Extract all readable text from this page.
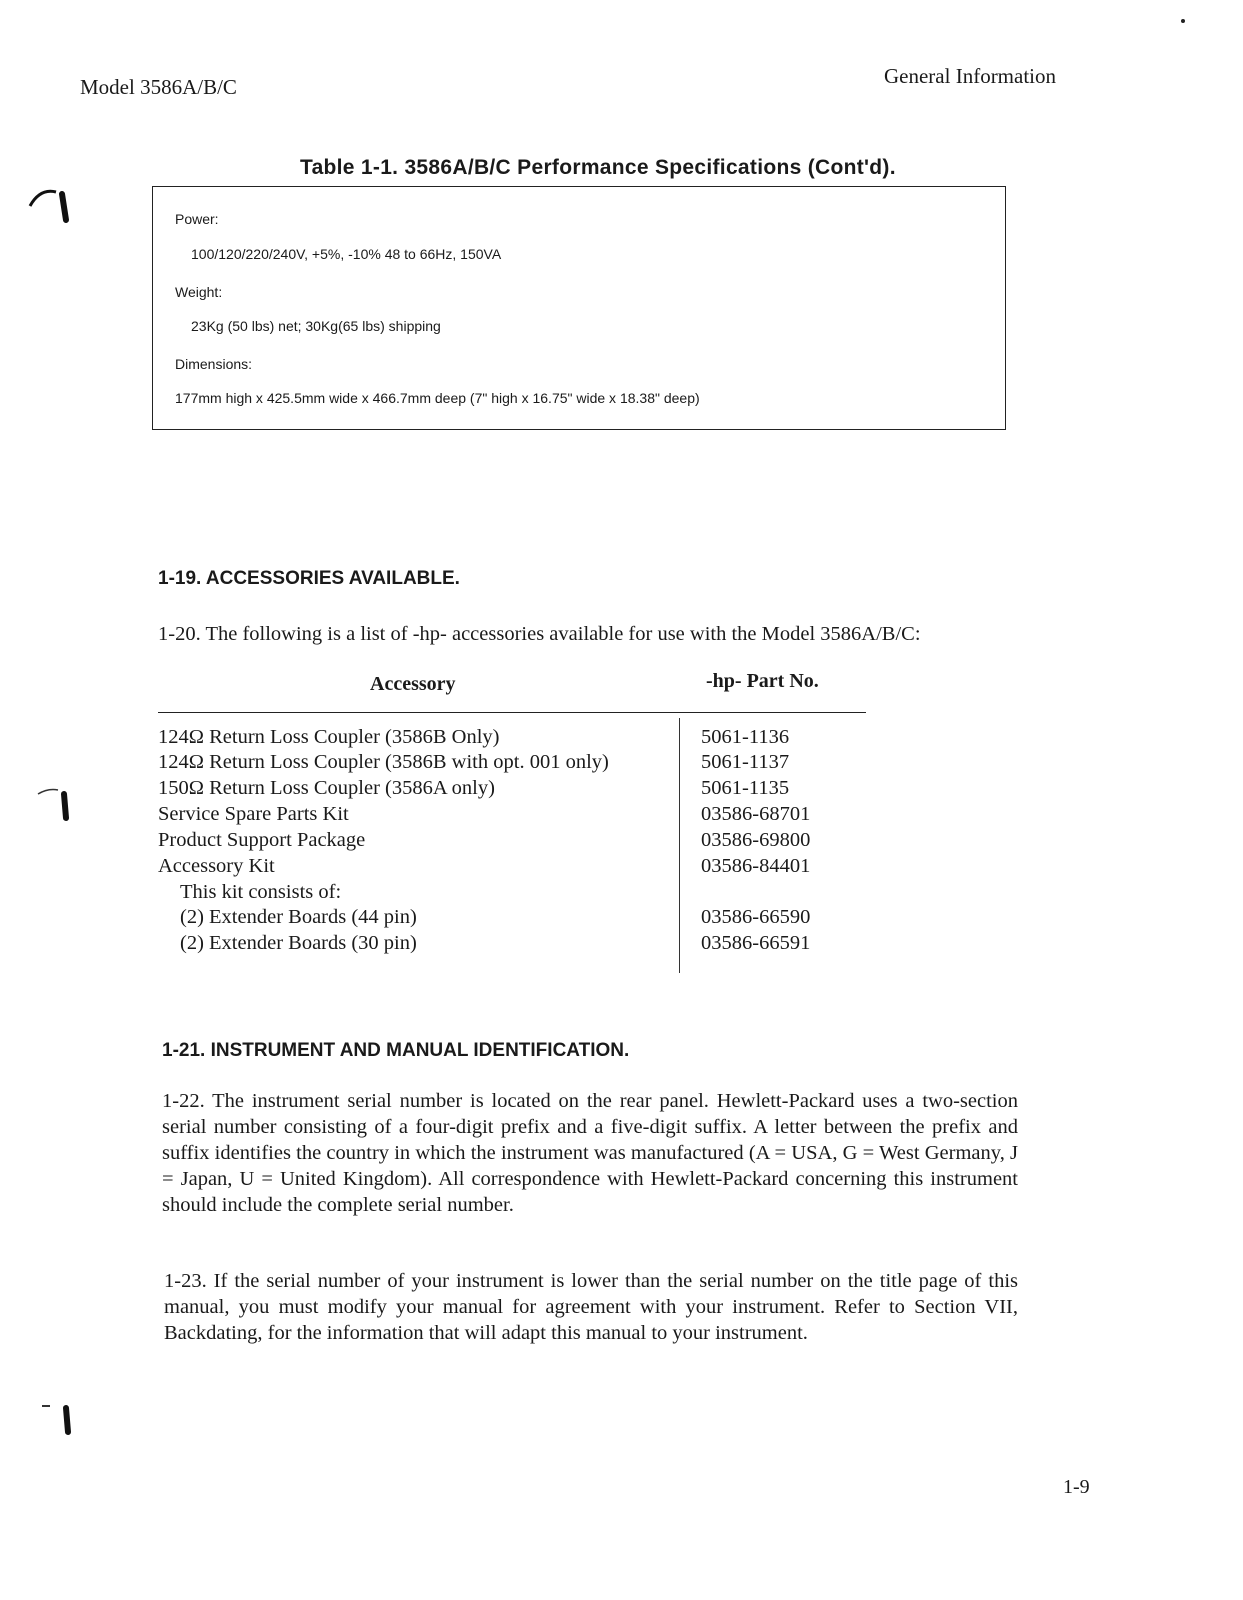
Model 3586A/B/C	General Information
Table 1-1. 3586A/B/C Performance Specifications (Cont'd).
Power:
100/120/220/240V, +5%, -10% 48 to 66Hz, 150VA
Weight:
23Kg (50 lbs) net; 30Kg(65 lbs) shipping
Dimensions:
177mm high x 425.5mm wide x 466.7mm deep (7" high x 16.75" wide x 18.38" deep)
1-19. ACCESSORIES AVAILABLE.
1-20. The following is a list of -hp- accessories available for use with the Model 3586A/B/C:
Accessory	-hp- Part No.
124Ω Return Loss Coupler (3586B Only)	5061-1136
124Ω Return Loss Coupler (3586B with opt. 001 only)	5061-1137
150Ω Return Loss Coupler (3586A only)	5061-1135
Service Spare Parts Kit	03586-68701
Product Support Package	03586-69800
Accessory Kit	03586-84401
This kit consists of:
(2) Extender Boards (44 pin)	03586-66590
(2) Extender Boards (30 pin)	03586-66591
1-21. INSTRUMENT AND MANUAL IDENTIFICATION.
1-22. The instrument serial number is located on the rear panel. Hewlett-Packard uses a two-section serial number consisting of a four-digit prefix and a five-digit suffix. A letter between the prefix and suffix identifies the country in which the instrument was manufactured (A = USA, G = West Germany, J = Japan, U = United Kingdom). All correspondence with Hewlett-Packard concerning this instrument should include the complete serial number.
1-23. If the serial number of your instrument is lower than the serial number on the title page of this manual, you must modify your manual for agreement with your instrument. Refer to Section VII, Backdating, for the information that will adapt this manual to your instrument.
1-9
